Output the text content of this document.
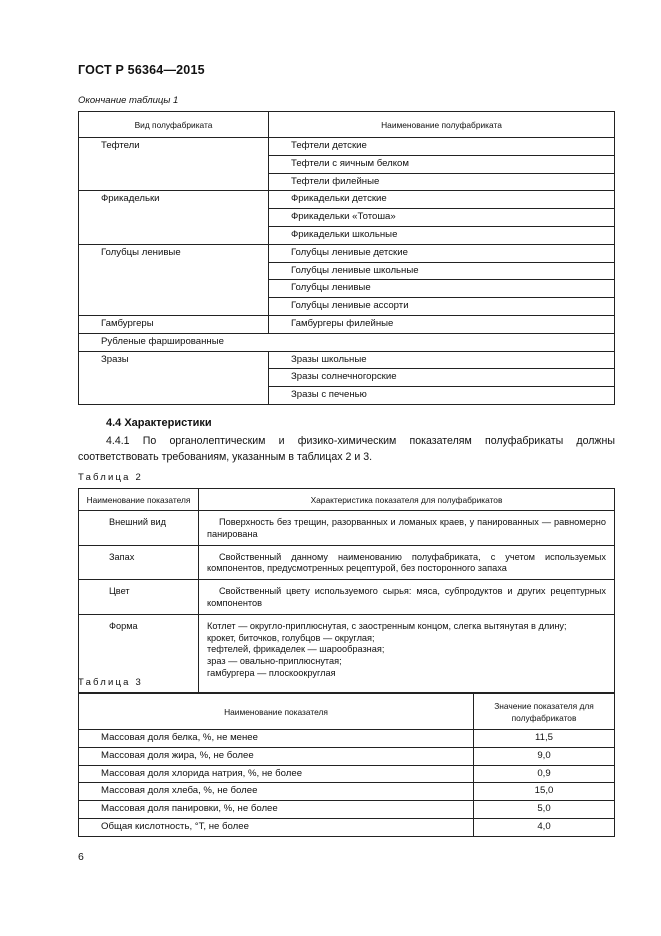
ГОСТ Р 56364—2015
Окончание таблицы 1
Вид полуфабриката	Наименование полуфабриката
Тефтели	Тефтели детские
	Тефтели с яичным белком
	Тефтели филейные
Фрикадельки	Фрикадельки детские
	Фрикадельки «Тотоша»
	Фрикадельки школьные
Голубцы ленивые	Голубцы ленивые детские
	Голубцы ленивые школьные
	Голубцы ленивые
	Голубцы ленивые ассорти
Гамбургеры	Гамбургеры филейные
Рубленые фаршированные	
Зразы	Зразы школьные
	Зразы солнечногорские
	Зразы с печенью
4.4 Характеристики
4.4.1 По органолептическим и физико-химическим показателям полуфабрикаты должны соответствовать требованиям, указанным в таблицах 2 и 3.
Таблица 2
Наименование показателя	Характеристика показателя для полуфабрикатов
Внешний вид	Поверхность без трещин, разорванных и ломаных краев, у панированных — равномерно панирована

Запах	Свойственный данному наименованию полуфабриката, с учетом используемых компонентов, предусмотренных рецептурой, без посторонного запаха

Цвет	Свойственный цвету используемого сырья: мяса, субпродуктов и других рецептурных компонентов

Форма	Котлет — округло-приплюснутая, с заостренным концом, слегка вытянутая в длину;
крокет, биточков, голубцов — округлая;
тефтелей, фрикаделек — шарообразная;
зраз — овально-приплюснутая;
гамбургера — плоскоокруглая
Таблица 3
Наименование показателя	Значение показателя для полуфабрикатов
Массовая доля белка, %, не менее	11,5
Массовая доля жира, %, не более	9,0
Массовая доля хлорида натрия, %, не более	0,9
Массовая доля хлеба, %, не более	15,0
Массовая доля панировки, %, не более	5,0
Общая кислотность, °Т, не более	4,0
6
